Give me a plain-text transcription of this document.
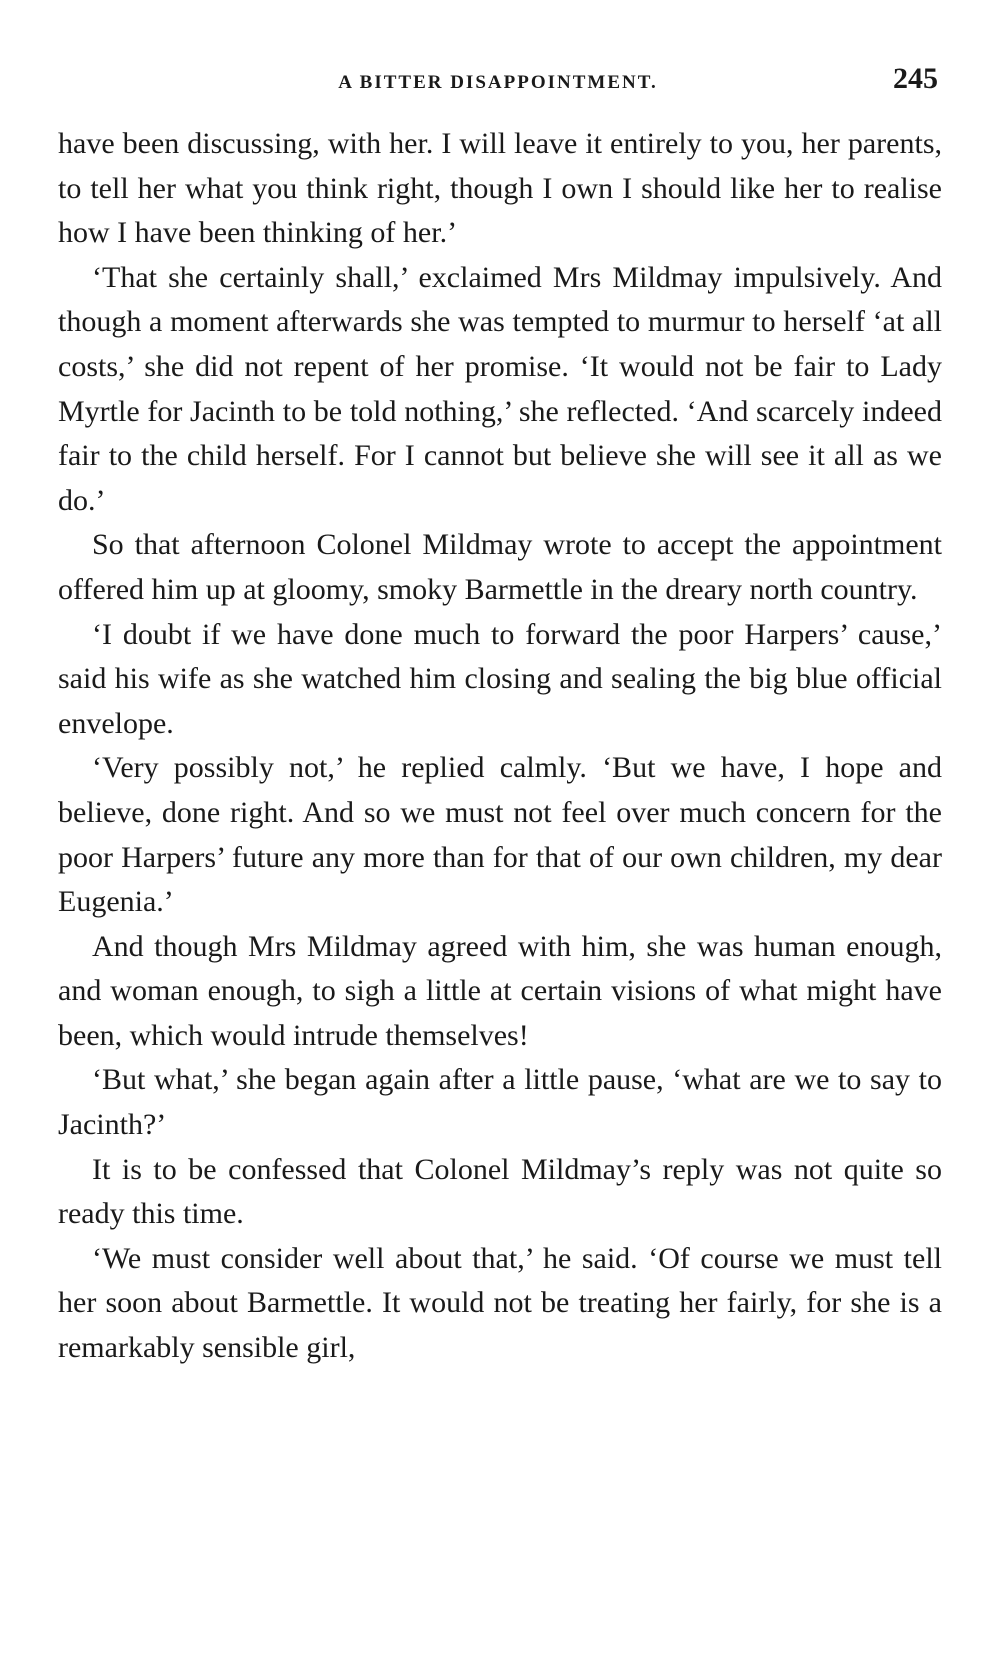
A BITTER DISAPPOINTMENT.	245

have been discussing, with her. I will leave it entirely to you, her parents, to tell her what you think right, though I own I should like her to realise how I have been thinking of her.’

‘That she certainly shall,’ exclaimed Mrs Mildmay impulsively. And though a moment afterwards she was tempted to murmur to herself ‘at all costs,’ she did not repent of her promise. ‘It would not be fair to Lady Myrtle for Jacinth to be told nothing,’ she reflected. ‘And scarcely indeed fair to the child herself. For I cannot but believe she will see it all as we do.’

So that afternoon Colonel Mildmay wrote to accept the appointment offered him up at gloomy, smoky Barmettle in the dreary north country.

‘I doubt if we have done much to forward the poor Harpers’ cause,’ said his wife as she watched him closing and sealing the big blue official envelope.

‘Very possibly not,’ he replied calmly. ‘But we have, I hope and believe, done right. And so we must not feel over much concern for the poor Harpers’ future any more than for that of our own children, my dear Eugenia.’

And though Mrs Mildmay agreed with him, she was human enough, and woman enough, to sigh a little at certain visions of what might have been, which would intrude themselves!

‘But what,’ she began again after a little pause, ‘what are we to say to Jacinth?’

It is to be confessed that Colonel Mildmay’s reply was not quite so ready this time.

‘We must consider well about that,’ he said. ‘Of course we must tell her soon about Barmettle. It would not be treating her fairly, for she is a remarkably sensible girl,
